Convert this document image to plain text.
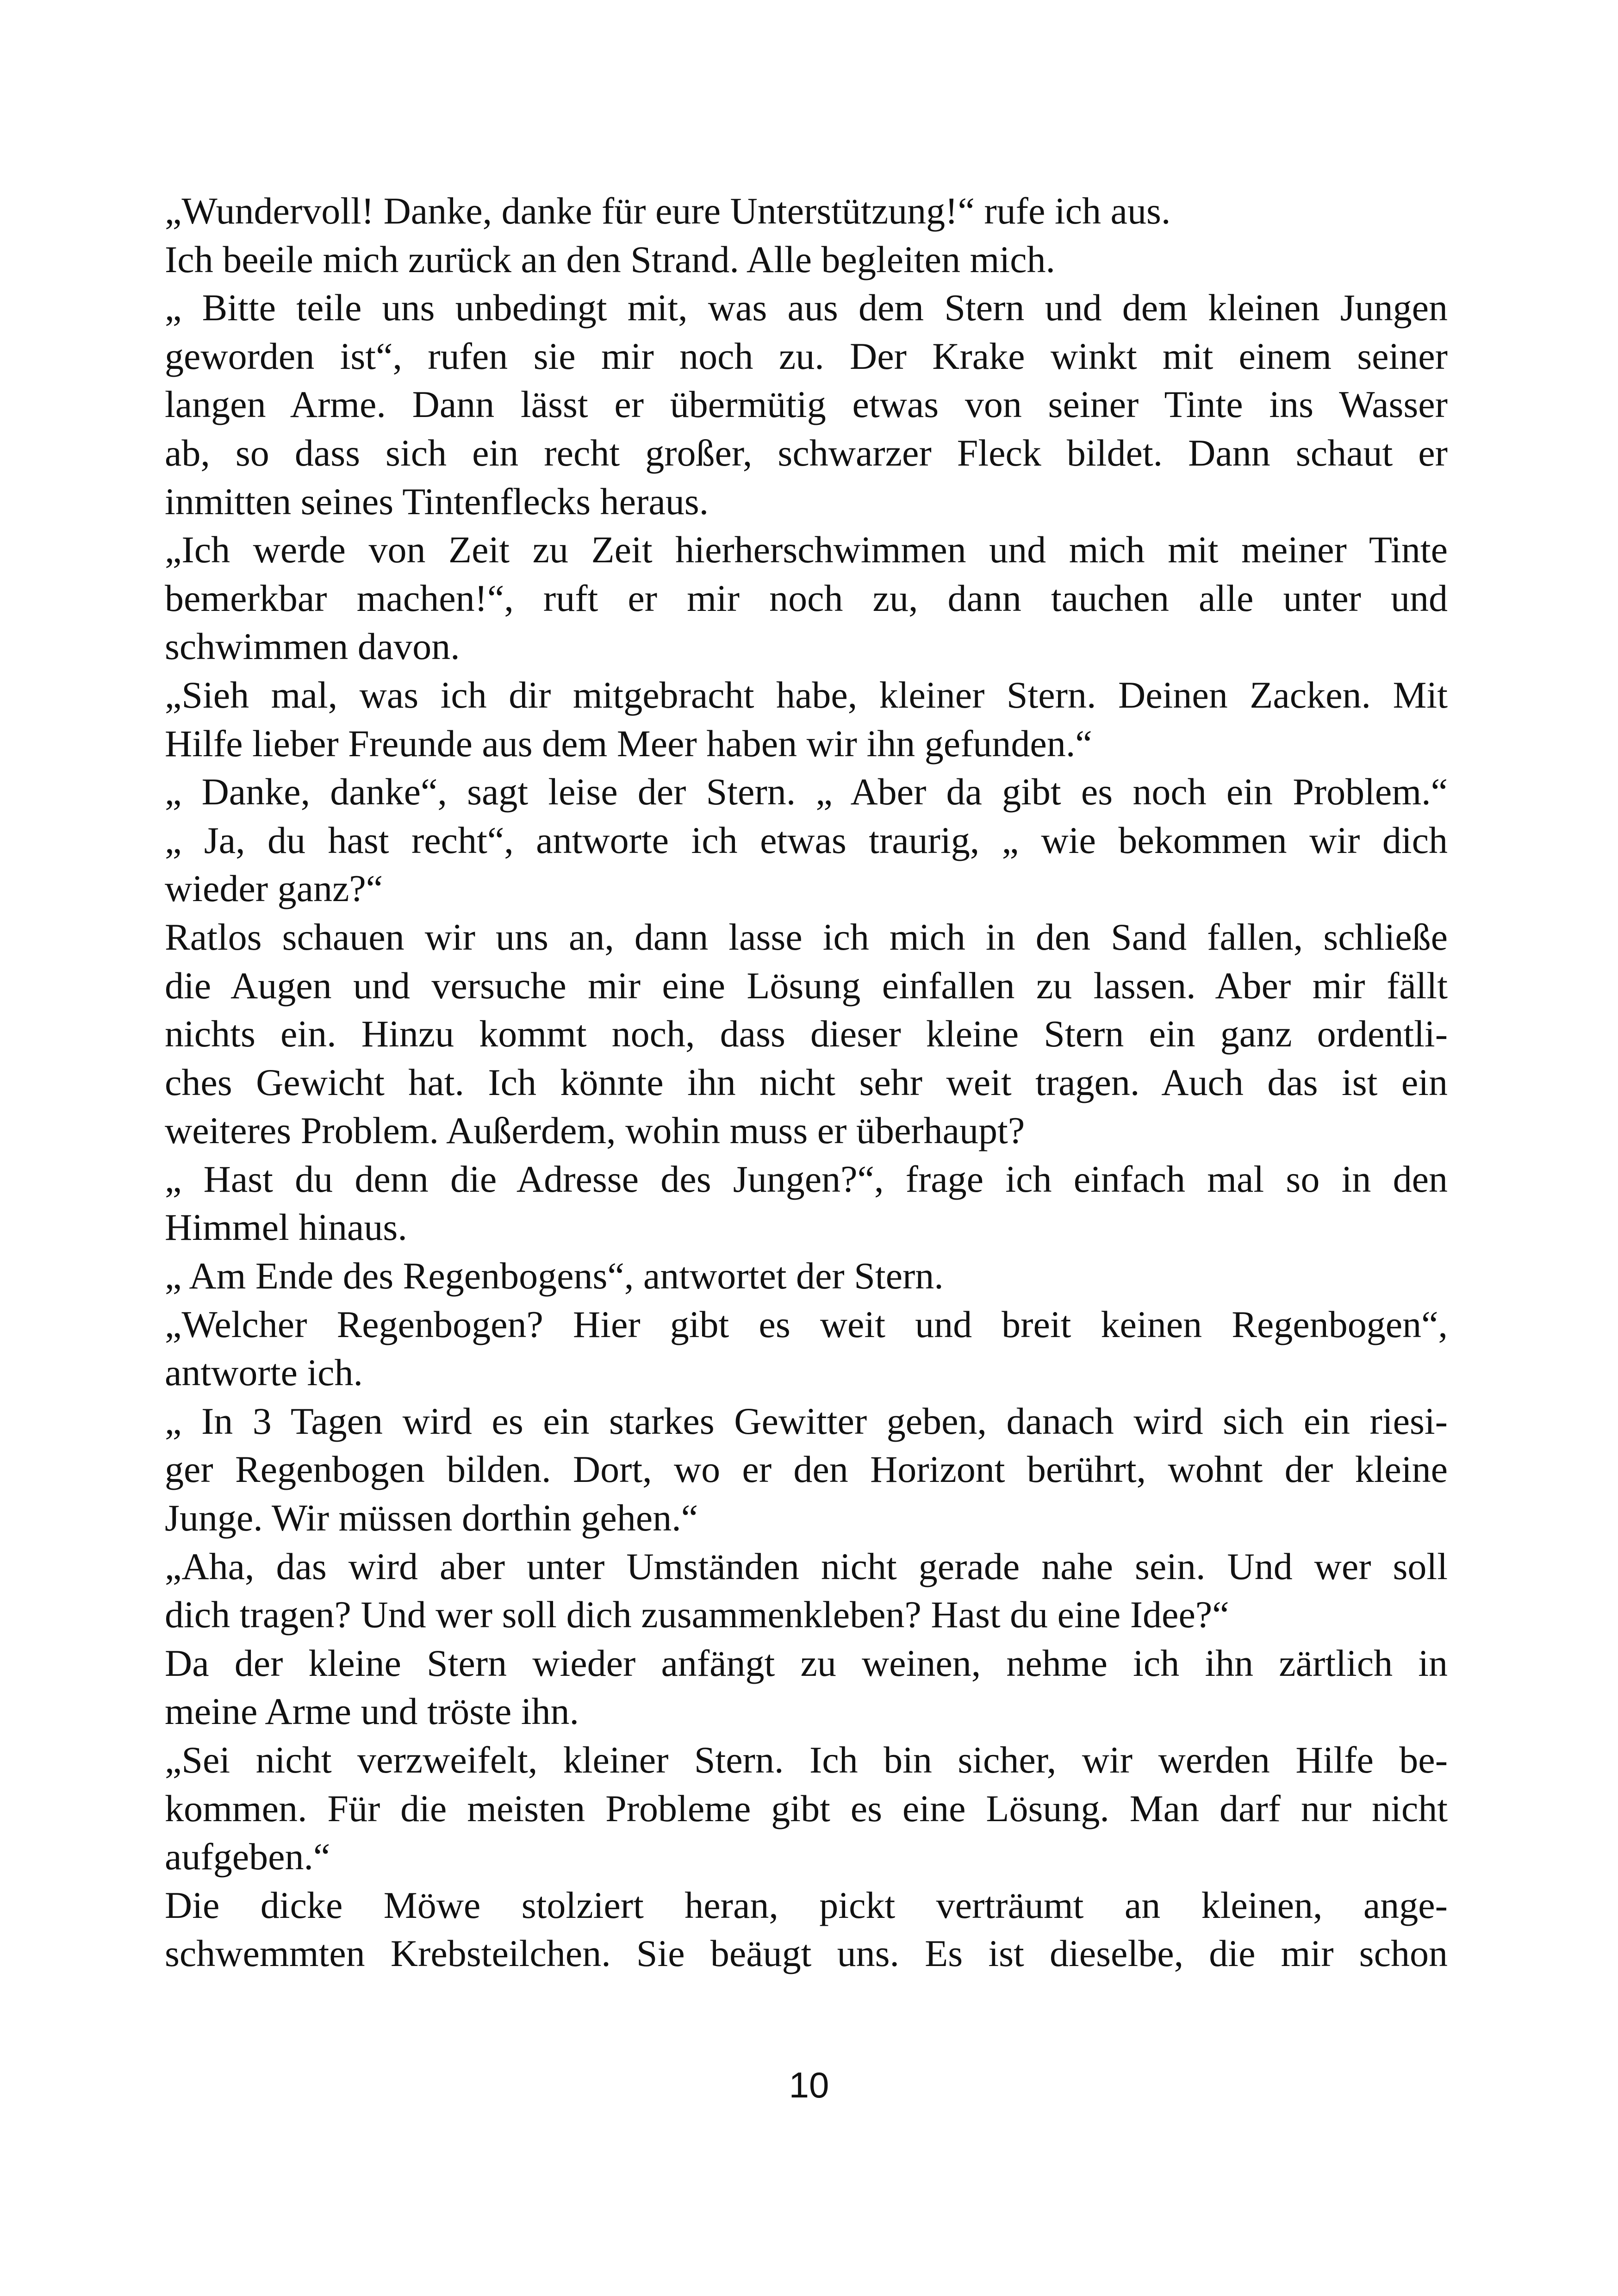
„Wundervoll! Danke, danke für eure Unterstützung!“ rufe ich aus.
Ich beeile mich zurück an den Strand. Alle begleiten mich.
„ Bitte teile uns unbedingt mit, was aus dem Stern und dem kleinen Jungen
geworden ist“, rufen sie mir noch zu. Der Krake winkt mit einem seiner
langen Arme. Dann lässt er übermütig etwas von seiner Tinte ins Wasser
ab, so dass sich ein recht großer, schwarzer Fleck bildet. Dann schaut er
inmitten seines Tintenflecks heraus.
„Ich werde von Zeit zu Zeit hierherschwimmen und mich mit meiner Tinte
bemerkbar machen!“, ruft er mir noch zu, dann tauchen alle unter und
schwimmen davon.
„Sieh mal, was ich dir mitgebracht habe, kleiner Stern. Deinen Zacken. Mit
Hilfe lieber Freunde aus dem Meer haben wir ihn gefunden.“
„ Danke, danke“, sagt leise der Stern. „ Aber da gibt es noch ein Problem.“
„ Ja, du hast recht“, antworte ich etwas traurig, „ wie bekommen wir dich
wieder ganz?“
Ratlos schauen wir uns an, dann lasse ich mich in den Sand fallen, schließe
die Augen und versuche mir eine Lösung einfallen zu lassen. Aber mir fällt
nichts ein. Hinzu kommt noch, dass dieser kleine Stern ein ganz ordentli-
ches Gewicht hat. Ich könnte ihn nicht sehr weit tragen. Auch das ist ein
weiteres Problem. Außerdem, wohin muss er überhaupt?
„ Hast du denn die Adresse des Jungen?“, frage ich einfach mal so in den
Himmel hinaus.
„ Am Ende des Regenbogens“, antwortet der Stern.
„Welcher Regenbogen? Hier gibt es weit und breit keinen Regenbogen“,
antworte ich.
„ In 3 Tagen wird es ein starkes Gewitter geben, danach wird sich ein riesi-
ger Regenbogen bilden. Dort, wo er den Horizont berührt, wohnt der kleine
Junge. Wir müssen dorthin gehen.“
„Aha, das wird aber unter Umständen nicht gerade nahe sein. Und wer soll
dich tragen? Und wer soll dich zusammenkleben? Hast du eine Idee?“
Da der kleine Stern wieder anfängt zu weinen, nehme ich ihn zärtlich in
meine Arme und tröste ihn.
„Sei nicht verzweifelt, kleiner Stern. Ich bin sicher, wir werden Hilfe be-
kommen. Für die meisten Probleme gibt es eine Lösung. Man darf nur nicht
aufgeben.“
Die dicke Möwe stolziert heran, pickt verträumt an kleinen, ange-
schwemmten Krebsteilchen. Sie beäugt uns. Es ist dieselbe, die mir schon
10
